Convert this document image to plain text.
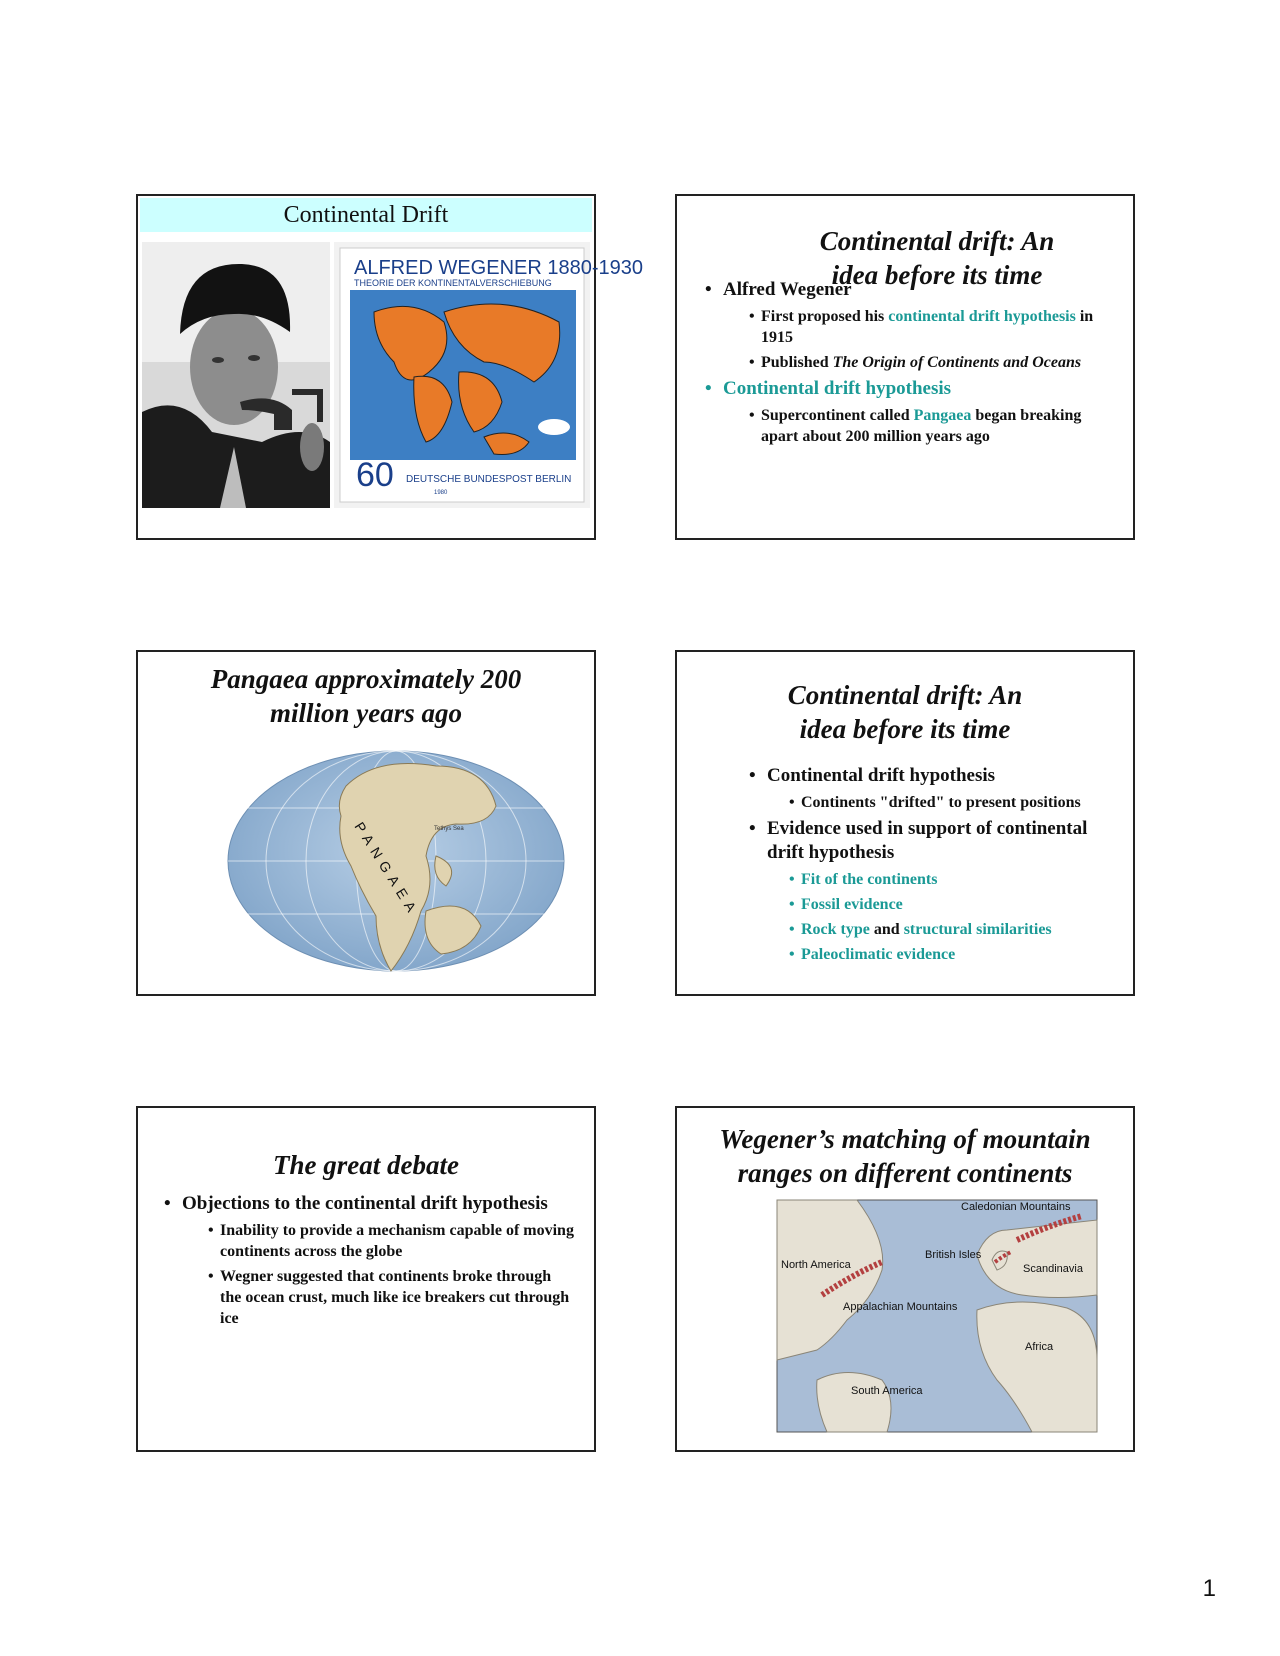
Continental Drift
ALFRED WEGENER 1880-1930
THEORIE DER KONTINENTALVERSCHIEBUNG
60 DEUTSCHE BUNDESPOST BERLIN
1980
Continental drift: An
idea before its time
• Alfred Wegener
• First proposed his continental drift hypothesis in 1915
• Published The Origin of Continents and Oceans
• Continental drift hypothesis
• Supercontinent called Pangaea began breaking apart about 200 million years ago
Pangaea approximately 200
million years ago
Tethys Sea
PANGAEA
Continental drift: An
idea before its time
• Continental drift hypothesis
• Continents "drifted" to present positions
• Evidence used in support of continental drift hypothesis
• Fit of the continents
• Fossil evidence
• Rock type and structural similarities
• Paleoclimatic evidence
The great debate
• Objections to the continental drift hypothesis
• Inability to provide a mechanism capable of moving continents across the globe
• Wegner suggested that continents broke through the ocean crust, much like ice breakers cut through ice
Wegener’s matching of mountain
ranges on different continents
Caledonian Mountains
British Isles
Scandinavia
North America
Appalachian Mountains
Africa
South America
1
